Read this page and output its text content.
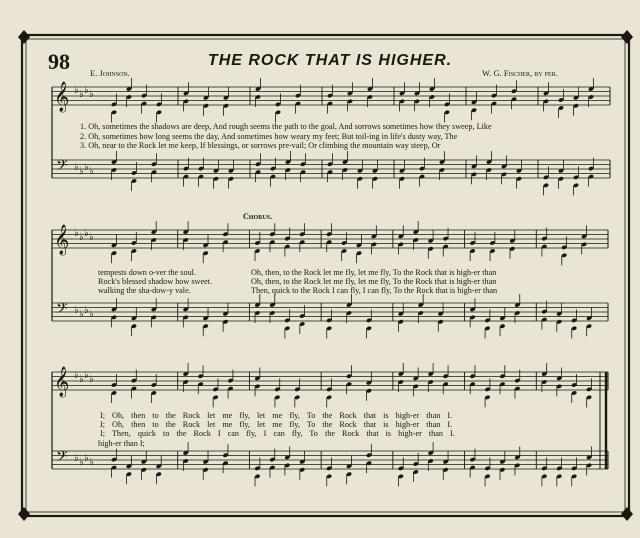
98	THE ROCK THAT IS HIGHER.
E. Johnson.	W. G. Fischer, by per.
𝄞
𝄢
♭ ♭ ♭ ♭
♭ ♭ ♭ ♭
𝄞
𝄢
♭ ♭ ♭ ♭
♭ ♭ ♭ ♭
𝄞
𝄢
♭ ♭ ♭ ♭
♭ ♭ ♭ ♭
1. Oh, sometimes the shadows are deep, And rough seems the path to the goal, And sorrows sometimes how they sweep, Like
2. Oh, sometimes how long seems the day, And sometimes how weary my feet; But toil-ing in life's dusty way, The
3. Oh, near to the Rock let me keep, If blessings, or sorrows pre-vail; Or climbing the mountain way steep, Or
Chorus.
tempests down o-ver the soul.
Rock's blessed shadow how sweet.
walking the sha-dow-y vale.
Oh, then, to the Rock let me fly, let me fly, To the Rock that is high-er than
Oh, then, to the Rock let me fly, let me fly, To the Rock that is high-er than
Then, quick to the Rock I can fly, I can fly, To the Rock that is high-er than
I; Oh, then to the Rock let me fly, let me fly, To the Rock that is high-er than I.
I; Oh, then to the Rock let me fly, let me fly, To the Rock that is high-er than I.
I; Then, quick to the Rock I can fly, I can fly, To the Rock that is high-er than I.
high-er than I;
